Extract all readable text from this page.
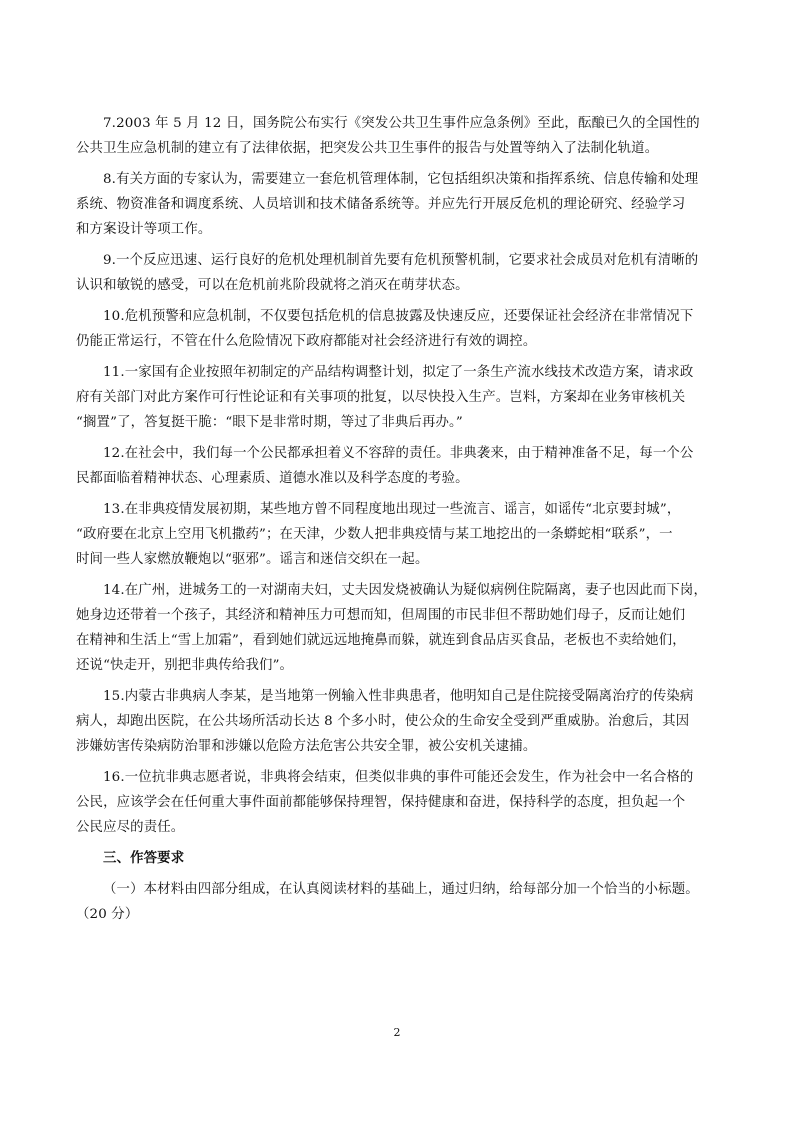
7.2003 年 5 月 12 日，国务院公布实行《突发公共卫生事件应急条例》至此，酝酿已久的全国性的
公共卫生应急机制的建立有了法律依据，把突发公共卫生事件的报告与处置等纳入了法制化轨道。
8.有关方面的专家认为，需要建立一套危机管理体制，它包括组织决策和指挥系统、信息传输和处理
系统、物资准备和调度系统、人员培训和技术储备系统等。并应先行开展反危机的理论研究、经验学习
和方案设计等项工作。
9.一个反应迅速、运行良好的危机处理机制首先要有危机预警机制，它要求社会成员对危机有清晰的
认识和敏锐的感受，可以在危机前兆阶段就将之消灭在萌芽状态。
10.危机预警和应急机制，不仅要包括危机的信息披露及快速反应，还要保证社会经济在非常情况下
仍能正常运行，不管在什么危险情况下政府都能对社会经济进行有效的调控。
11.一家国有企业按照年初制定的产品结构调整计划，拟定了一条生产流水线技术改造方案，请求政
府有关部门对此方案作可行性论证和有关事项的批复，以尽快投入生产。岂料，方案却在业务审核机关
“搁置”了，答复挺干脆：“眼下是非常时期，等过了非典后再办。”
12.在社会中，我们每一个公民都承担着义不容辞的责任。非典袭来，由于精神准备不足，每一个公
民都面临着精神状态、心理素质、道德水准以及科学态度的考验。
13.在非典疫情发展初期，某些地方曾不同程度地出现过一些流言、谣言，如谣传“北京要封城”，
“政府要在北京上空用飞机撒药”；在天津，少数人把非典疫情与某工地挖出的一条蟒蛇相“联系”，一
时间一些人家燃放鞭炮以“驱邪”。谣言和迷信交织在一起。
14.在广州，进城务工的一对湖南夫妇，丈夫因发烧被确认为疑似病例住院隔离，妻子也因此而下岗，
她身边还带着一个孩子，其经济和精神压力可想而知，但周围的市民非但不帮助她们母子，反而让她们
在精神和生活上“雪上加霜”，看到她们就远远地掩鼻而躲，就连到食品店买食品，老板也不卖给她们，
还说“快走开，别把非典传给我们”。
15.内蒙古非典病人李某，是当地第一例输入性非典患者，他明知自己是住院接受隔离治疗的传染病
病人，却跑出医院，在公共场所活动长达 8 个多小时，使公众的生命安全受到严重威胁。治愈后，其因
涉嫌妨害传染病防治罪和涉嫌以危险方法危害公共安全罪，被公安机关逮捕。
16.一位抗非典志愿者说，非典将会结束，但类似非典的事件可能还会发生，作为社会中一名合格的
公民，应该学会在任何重大事件面前都能够保持理智，保持健康和奋进，保持科学的态度，担负起一个
公民应尽的责任。
三、作答要求
（一）本材料由四部分组成，在认真阅读材料的基础上，通过归纳，给每部分加一个恰当的小标题。
（20 分）
2
